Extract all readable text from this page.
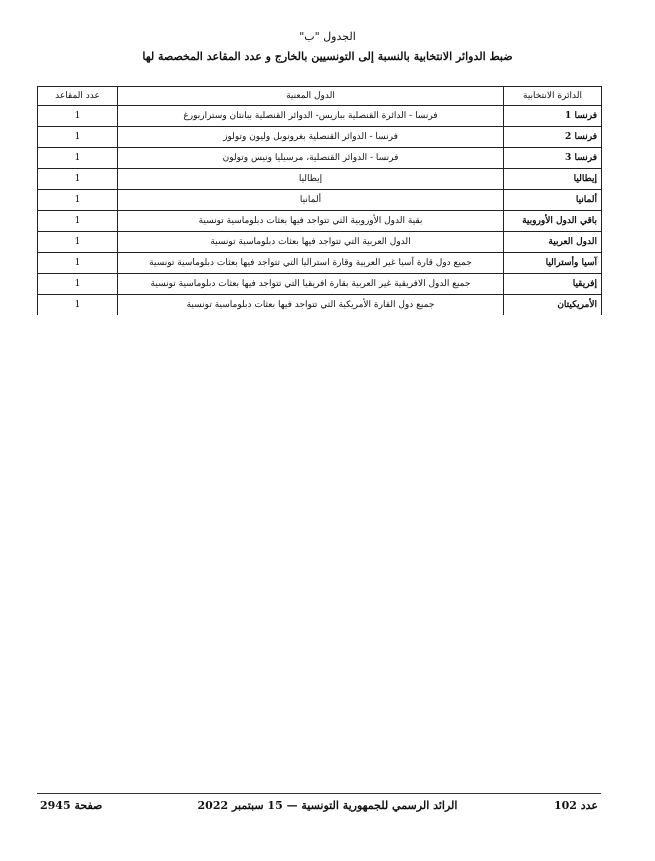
الجدول "ب"
ضبط الدوائر الانتخابية بالنسبة إلى التونسيين بالخارج و عدد المقاعد المخصصة لها
الدائرة الانتخابية	الدول المعنية	عدد المقاعد
فرنسا 1	فرنسا - الدائرة القنصلية بباريس- الدوائر القنصلية ببانتان وستراربورغ	1
فرنسا 2	فرنسا - الدوائر القنصلية بغرونوبل وليون وتولوز	1
فرنسا 3	فرنسا - الدوائر القنصلية، مرسيليا ونيس وتولون	1
إيطاليا	إيطاليا	1
ألمانيا	ألمانيا	1
باقي الدول الأوروبية	بقية الدول الأوروبية التي تتواجد فيها بعثات دبلوماسية تونسية	1
الدول العربية	الدول العربية التي تتواجد فيها بعثات دبلوماسية تونسية	1
آسيا وأستراليا	جميع دول قارة آسيا غير العربية وقارة استراليا التي تتواجد فيها بعثات دبلوماسية تونسية	1
إفريقيا	جميع الدول الافريقية غير العربية بقارة افريقيا التي تتواجد فيها بعثات دبلوماسية تونسية	1
الأمريكيتان	جميع دول القارة الأمريكية التي تتواجد فيها بعثات دبلوماسية تونسية	1
الرائد الرسمي للجمهورية التونسية — 15 سبتمبر 2022	عدد 102
صفحة 2945
